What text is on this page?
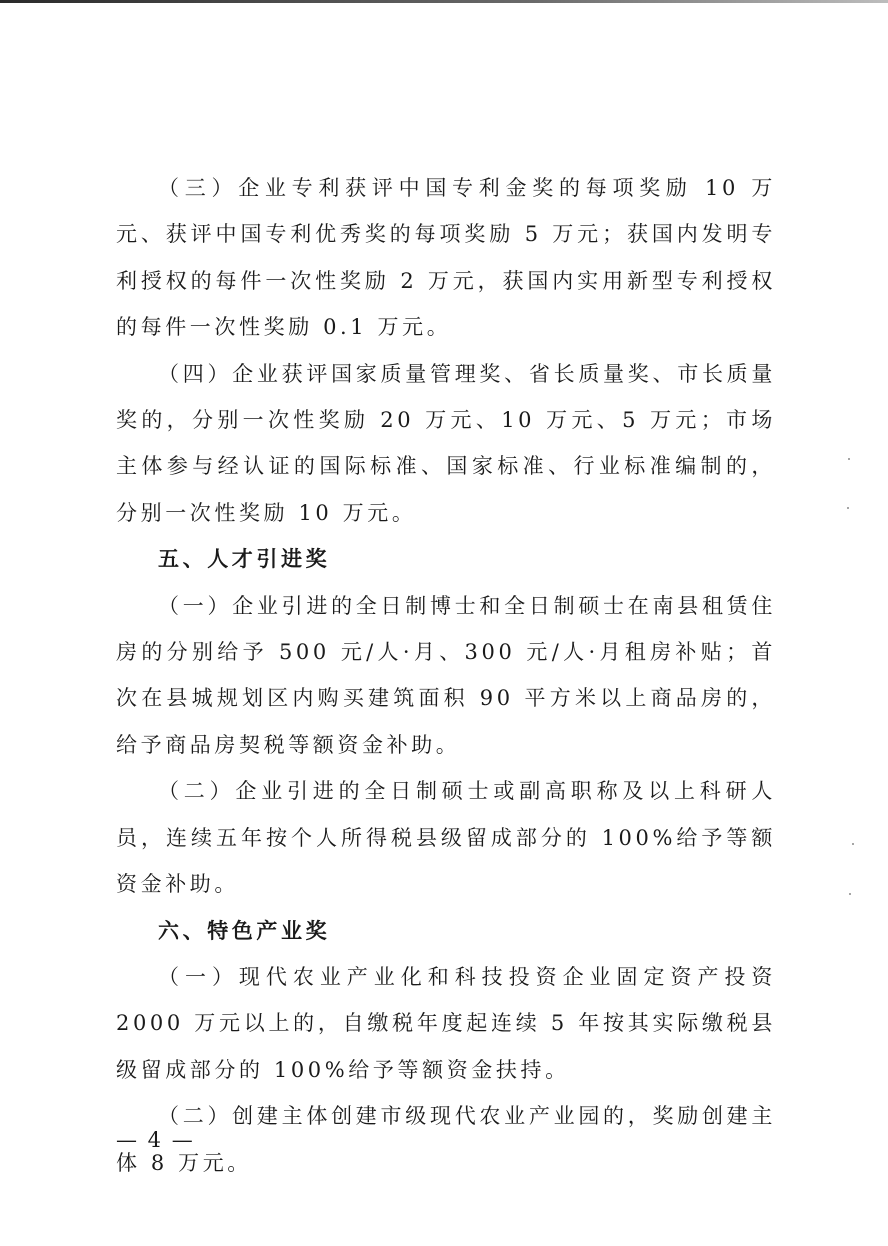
（三）企业专利获评中国专利金奖的每项奖励 10 万元、获评中国专利优秀奖的每项奖励 5 万元；获国内发明专利授权的每件一次性奖励 2 万元，获国内实用新型专利授权的每件一次性奖励 0.1 万元。

（四）企业获评国家质量管理奖、省长质量奖、市长质量奖的，分别一次性奖励 20 万元、10 万元、5 万元；市场主体参与经认证的国际标准、国家标准、行业标准编制的，分别一次性奖励 10 万元。

五、人才引进奖

（一）企业引进的全日制博士和全日制硕士在南县租赁住房的分别给予 500 元/人·月、300 元/人·月租房补贴；首次在县城规划区内购买建筑面积 90 平方米以上商品房的，给予商品房契税等额资金补助。

（二）企业引进的全日制硕士或副高职称及以上科研人员，连续五年按个人所得税县级留成部分的 100%给予等额资金补助。

六、特色产业奖

（一）现代农业产业化和科技投资企业固定资产投资 2000 万元以上的，自缴税年度起连续 5 年按其实际缴税县级留成部分的 100%给予等额资金扶持。

（二）创建主体创建市级现代农业产业园的，奖励创建主体 8 万元。

— 4 —
